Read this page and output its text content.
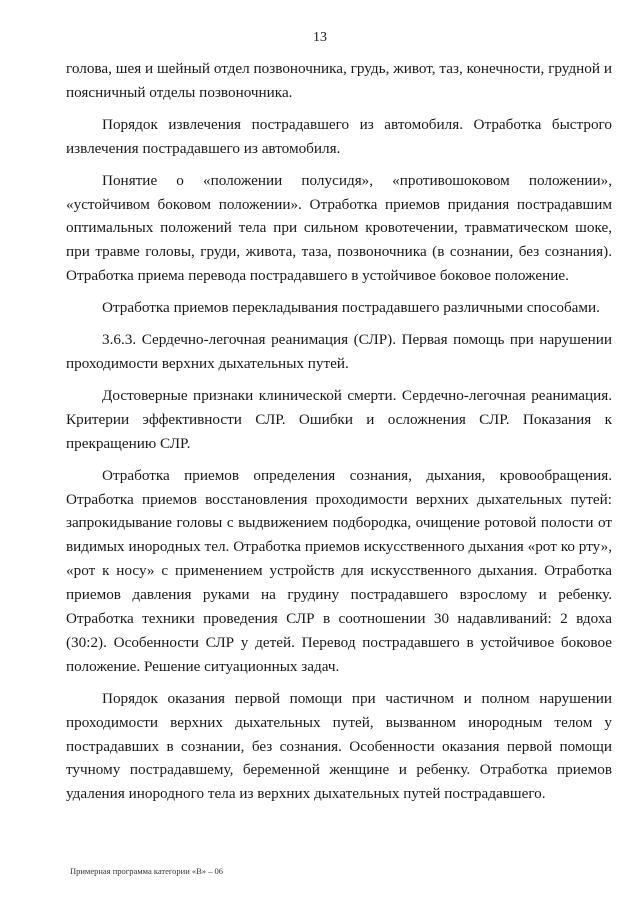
13

голова, шея и шейный отдел позвоночника, грудь, живот, таз, конечности, грудной и поясничный отделы позвоночника.

Порядок извлечения пострадавшего из автомобиля. Отработка быстрого извлечения пострадавшего из автомобиля.

Понятие о «положении полусидя», «противошоковом положении», «устойчивом боковом положении». Отработка приемов придания пострадавшим оптимальных положений тела при сильном кровотечении, травматическом шоке, при травме головы, груди, живота, таза, позвоночника (в сознании, без сознания). Отработка приема перевода пострадавшего в устойчивое боковое положение.

Отработка приемов перекладывания пострадавшего различными способами.

3.6.3. Сердечно-легочная реанимация (СЛР). Первая помощь при нарушении проходимости верхних дыхательных путей.

Достоверные признаки клинической смерти. Сердечно-легочная реанимация. Критерии эффективности СЛР. Ошибки и осложнения СЛР. Показания к прекращению СЛР.

Отработка приемов определения сознания, дыхания, кровообращения. Отработка приемов восстановления проходимости верхних дыхательных путей: запрокидывание головы с выдвижением подбородка, очищение ротовой полости от видимых инородных тел. Отработка приемов искусственного дыхания «рот ко рту», «рот к носу» с применением устройств для искусственного дыхания. Отработка приемов давления руками на грудину пострадавшего взрослому и ребенку. Отработка техники проведения СЛР в соотношении 30 надавливаний: 2 вдоха (30:2). Особенности СЛР у детей. Перевод пострадавшего в устойчивое боковое положение. Решение ситуационных задач.

Порядок оказания первой помощи при частичном и полном нарушении проходимости верхних дыхательных путей, вызванном инородным телом у пострадавших в сознании, без сознания. Особенности оказания первой помощи тучному пострадавшему, беременной женщине и ребенку. Отработка приемов удаления инородного тела из верхних дыхательных путей пострадавшего.

Примерная программа категории «В» – 06
